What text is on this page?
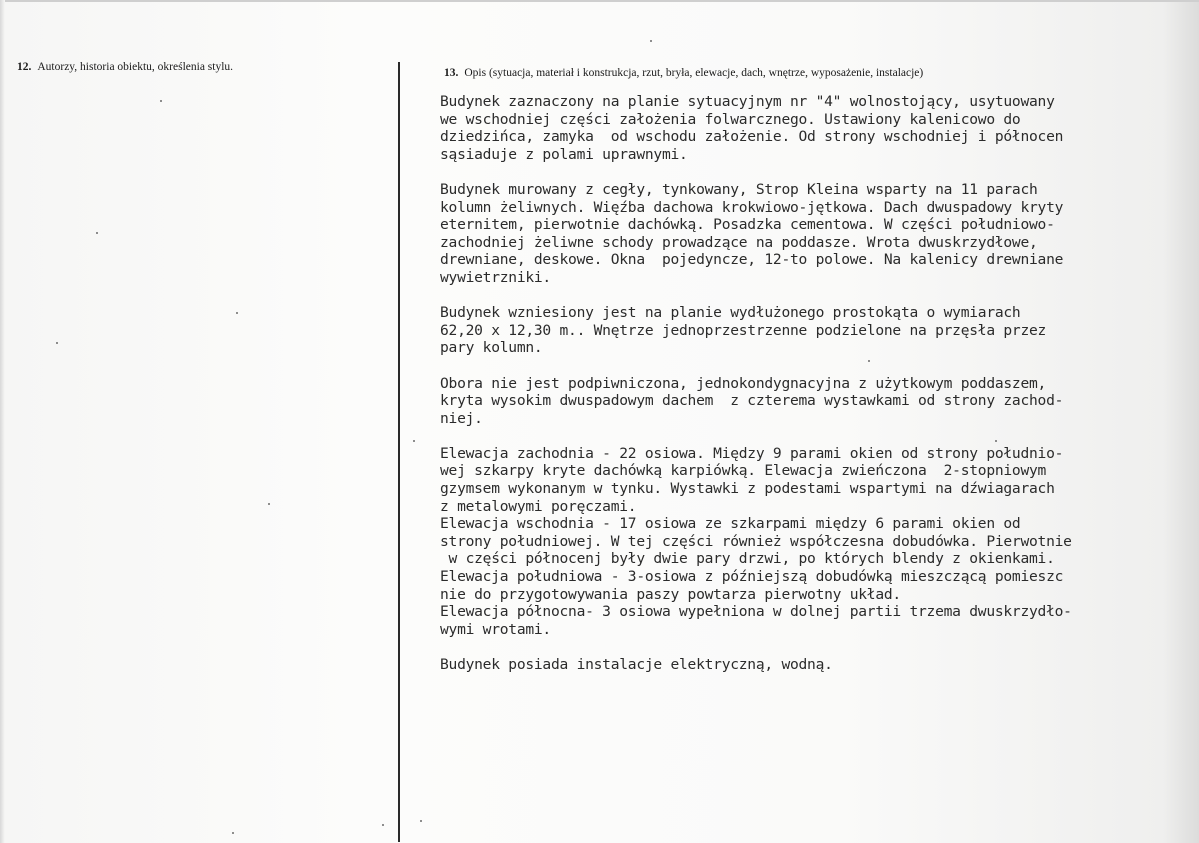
12. Autorzy, historia obiektu, określenia stylu.	13. Opis (sytuacja, materiał i konstrukcja, rzut, bryła, elewacje, dach, wnętrze, wyposażenie, instalacje)
Budynek zaznaczony na planie sytuacyjnym nr "4" wolnostojący, usytuowany
we wschodniej części założenia folwarcznego. Ustawiony kalenicowo do
dziedzińca, zamyka  od wschodu założenie. Od strony wschodniej i północen
sąsiaduje z polami uprawnymi.
Budynek murowany z cegły, tynkowany, Strop Kleina wsparty na 11 parach
kolumn żeliwnych. Więźba dachowa krokwiowo-jętkowa. Dach dwuspadowy kryty
eternitem, pierwotnie dachówką. Posadzka cementowa. W części południowo-
zachodniej żeliwne schody prowadzące na poddasze. Wrota dwuskrzydłowe,
drewniane, deskowe. Okna  pojedyncze, 12-to polowe. Na kalenicy drewniane
wywietrzniki.
Budynek wzniesiony jest na planie wydłużonego prostokąta o wymiarach
62,20 x 12,30 m.. Wnętrze jednoprzestrzenne podzielone na przęsła przez
pary kolumn.
Obora nie jest podpiwniczona, jednokondygnacyjna z użytkowym poddaszem,
kryta wysokim dwuspadowym dachem  z czterema wystawkami od strony zachod-
niej.
Elewacja zachodnia - 22 osiowa. Między 9 parami okien od strony południo-
wej szkarpy kryte dachówką karpiówką. Elewacja zwieńczona  2-stopniowym
gzymsem wykonanym w tynku. Wystawki z podestami wspartymi na dźwiagarach
z metalowymi poręczami.
Elewacja wschodnia - 17 osiowa ze szkarpami między 6 parami okien od
strony południowej. W tej części również współczesna dobudówka. Pierwotnie
w części północenj były dwie pary drzwi, po których blendy z okienkami.
Elewacja południowa - 3-osiowa z późniejszą dobudówką mieszczącą pomieszc
nie do przygotowywania paszy powtarza pierwotny układ.
Elewacja północna- 3 osiowa wypełniona w dolnej partii trzema dwuskrzydło-
wymi wrotami.
Budynek posiada instalacje elektryczną, wodną.
